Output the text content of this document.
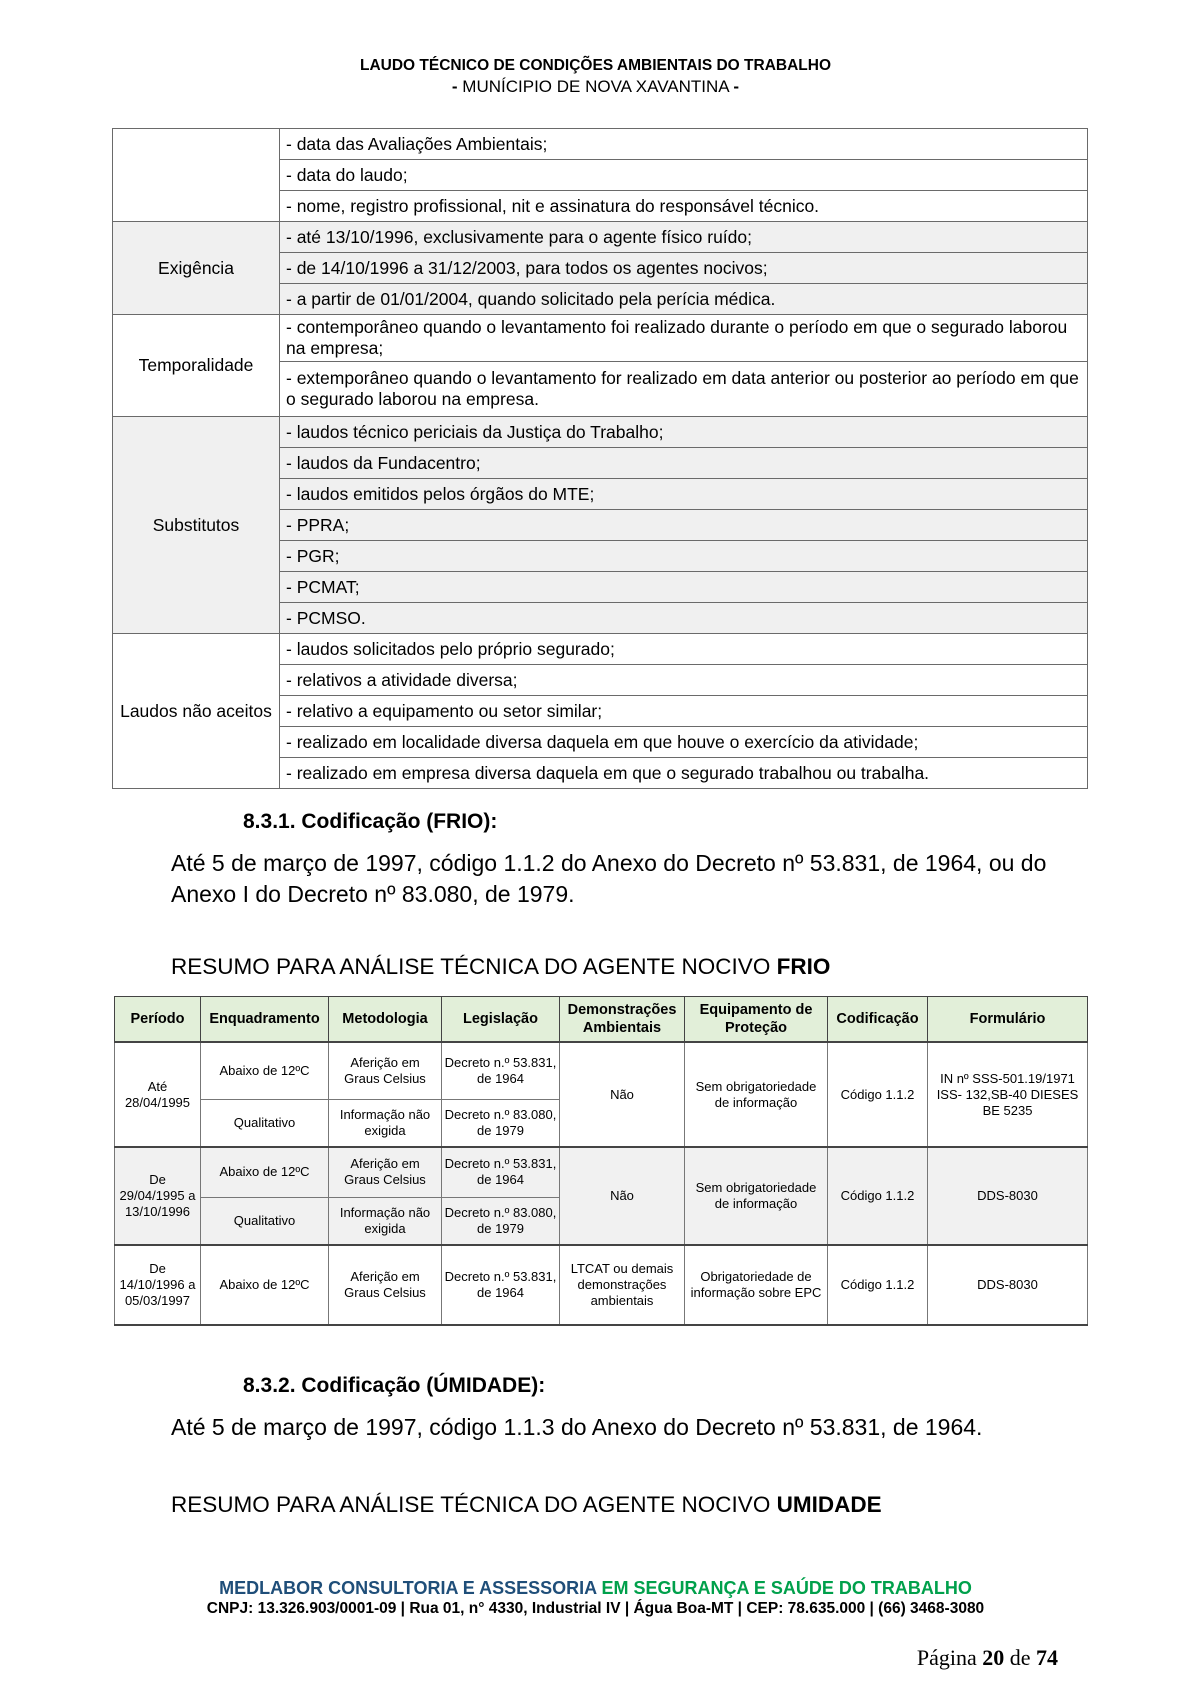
LAUDO TÉCNICO DE CONDIÇÕES AMBIENTAIS DO TRABALHO
- MUNÍCIPIO DE NOVA XAVANTINA -
	- data das Avaliações Ambientais;
	- data do laudo;
	- nome, registro profissional, nit e assinatura do responsável técnico.
Exigência	- até 13/10/1996, exclusivamente para o agente físico ruído;
	- de 14/10/1996 a 31/12/2003, para todos os agentes nocivos;
	- a partir de 01/01/2004, quando solicitado pela perícia médica.
Temporalidade	- contemporâneo quando o levantamento foi realizado durante o período em que o segurado laborou na empresa;
	- extemporâneo quando o levantamento for realizado em data anterior ou posterior ao período em que o segurado laborou na empresa.
Substitutos	- laudos técnico periciais da Justiça do Trabalho;
	- laudos da Fundacentro;
	- laudos emitidos pelos órgãos do MTE;
	- PPRA;
	- PGR;
	- PCMAT;
	- PCMSO.
Laudos não aceitos	- laudos solicitados pelo próprio segurado;
	- relativos a atividade diversa;
	- relativo a equipamento ou setor similar;
	- realizado em localidade diversa daquela em que houve o exercício da atividade;
	- realizado em empresa diversa daquela em que o segurado trabalhou ou trabalha.
8.3.1. Codificação (FRIO):

Até 5 de março de 1997, código 1.1.2 do Anexo do Decreto nº 53.831, de 1964, ou do Anexo I do Decreto nº 83.080, de 1979.

RESUMO PARA ANÁLISE TÉCNICA DO AGENTE NOCIVO FRIO

Período	Enquadramento	Metodologia	Legislação	Demonstrações Ambientais	Equipamento de Proteção	Codificação	Formulário
Até 28/04/1995	Abaixo de 12ºC	Aferição em Graus Celsius	Decreto n.º 53.831, de 1964	Não	Sem obrigatoriedade de informação	Código 1.1.2	IN nº SSS-501.19/1971 ISS- 132,SB-40 DIESES BE 5235
	Qualitativo	Informação não exigida	Decreto n.º 83.080, de 1979				
De 29/04/1995 a 13/10/1996	Abaixo de 12ºC	Aferição em Graus Celsius	Decreto n.º 53.831, de 1964	Não	Sem obrigatoriedade de informação	Código 1.1.2	DDS-8030
	Qualitativo	Informação não exigida	Decreto n.º 83.080, de 1979				
De 14/10/1996 a 05/03/1997	Abaixo de 12ºC	Aferição em Graus Celsius	Decreto n.º 53.831, de 1964	LTCAT ou demais demonstrações ambientais	Obrigatoriedade de informação sobre EPC	Código 1.1.2	DDS-8030
8.3.2. Codificação (ÚMIDADE):

Até 5 de março de 1997, código 1.1.3 do Anexo do Decreto nº 53.831, de 1964.

RESUMO PARA ANÁLISE TÉCNICA DO AGENTE NOCIVO UMIDADE

MEDLABOR CONSULTORIA E ASSESSORIA EM SEGURANÇA E SAÚDE DO TRABALHO
CNPJ: 13.326.903/0001-09 | Rua 01, n° 4330, Industrial IV | Água Boa-MT | CEP: 78.635.000 | (66) 3468-3080
Página 20 de 74
